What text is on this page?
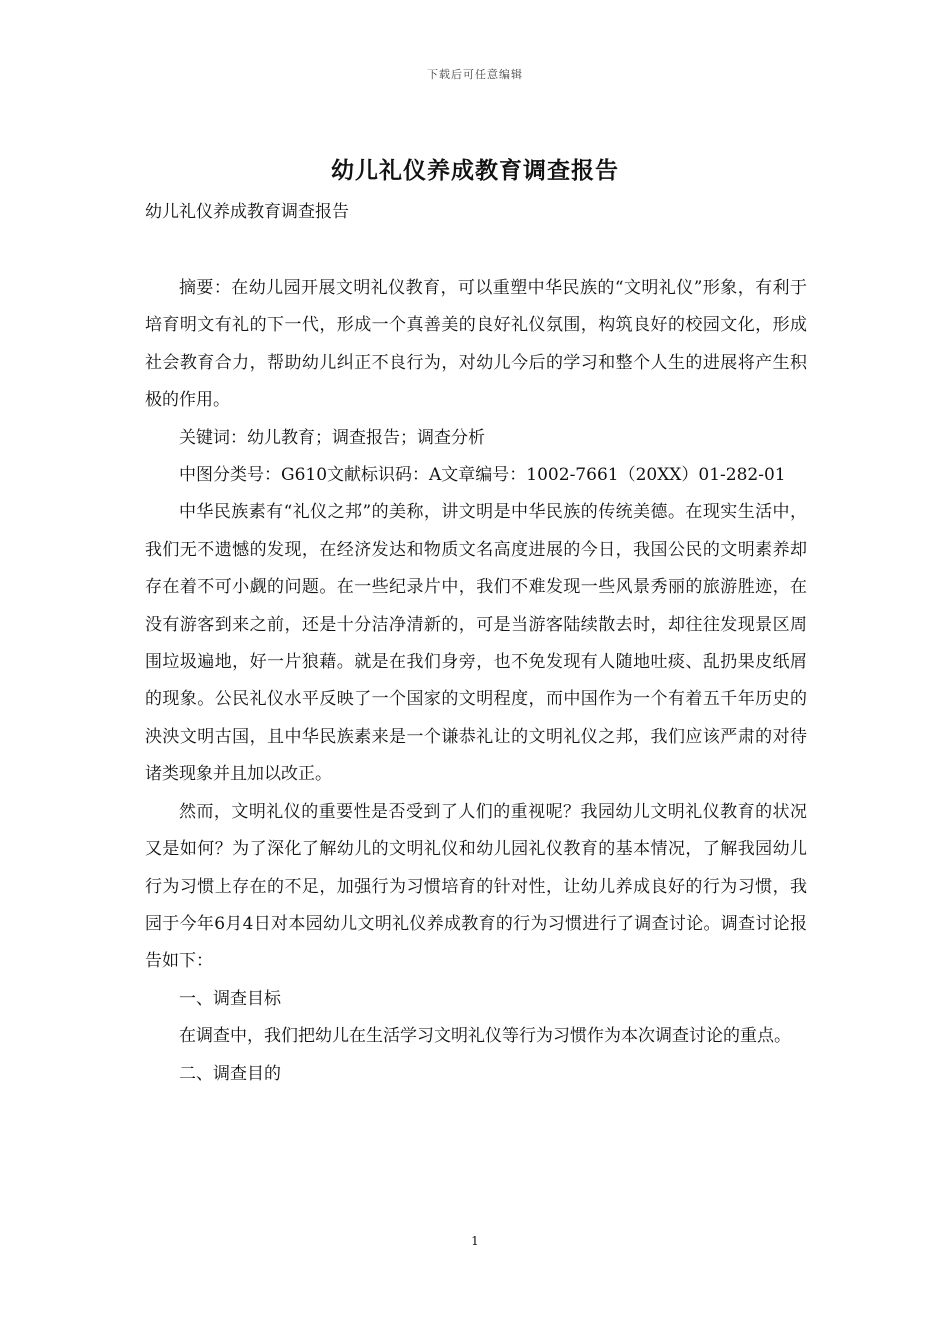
下载后可任意编辑
幼儿礼仪养成教育调查报告
幼儿礼仪养成教育调查报告

摘要：在幼儿园开展文明礼仪教育，可以重塑中华民族的“文明礼仪”形象，有利于培育明文有礼的下一代，形成一个真善美的良好礼仪氛围，构筑良好的校园文化，形成社会教育合力，帮助幼儿纠正不良行为，对幼儿今后的学习和整个人生的进展将产生积极的作用。

关键词：幼儿教育；调查报告；调查分析

中图分类号：G610文献标识码：A文章编号：1002-7661（20XX）01-282-01

中华民族素有“礼仪之邦”的美称，讲文明是中华民族的传统美德。在现实生活中，我们无不遗憾的发现，在经济发达和物质文名高度进展的今日，我国公民的文明素养却存在着不可小觑的问题。在一些纪录片中，我们不难发现一些风景秀丽的旅游胜迹，在没有游客到来之前，还是十分洁净清新的，可是当游客陆续散去时，却往往发现景区周围垃圾遍地，好一片狼藉。就是在我们身旁，也不免发现有人随地吐痰、乱扔果皮纸屑的现象。公民礼仪水平反映了一个国家的文明程度，而中国作为一个有着五千年历史的泱泱文明古国，且中华民族素来是一个谦恭礼让的文明礼仪之邦，我们应该严肃的对待诸类现象并且加以改正。

然而，文明礼仪的重要性是否受到了人们的重视呢？我园幼儿文明礼仪教育的状况又是如何？为了深化了解幼儿的文明礼仪和幼儿园礼仪教育的基本情况，了解我园幼儿行为习惯上存在的不足，加强行为习惯培育的针对性，让幼儿养成良好的行为习惯，我园于今年6月4日对本园幼儿文明礼仪养成教育的行为习惯进行了调查讨论。调查讨论报告如下：

一、调查目标

在调查中，我们把幼儿在生活学习文明礼仪等行为习惯作为本次调查讨论的重点。

二、调查目的

1
